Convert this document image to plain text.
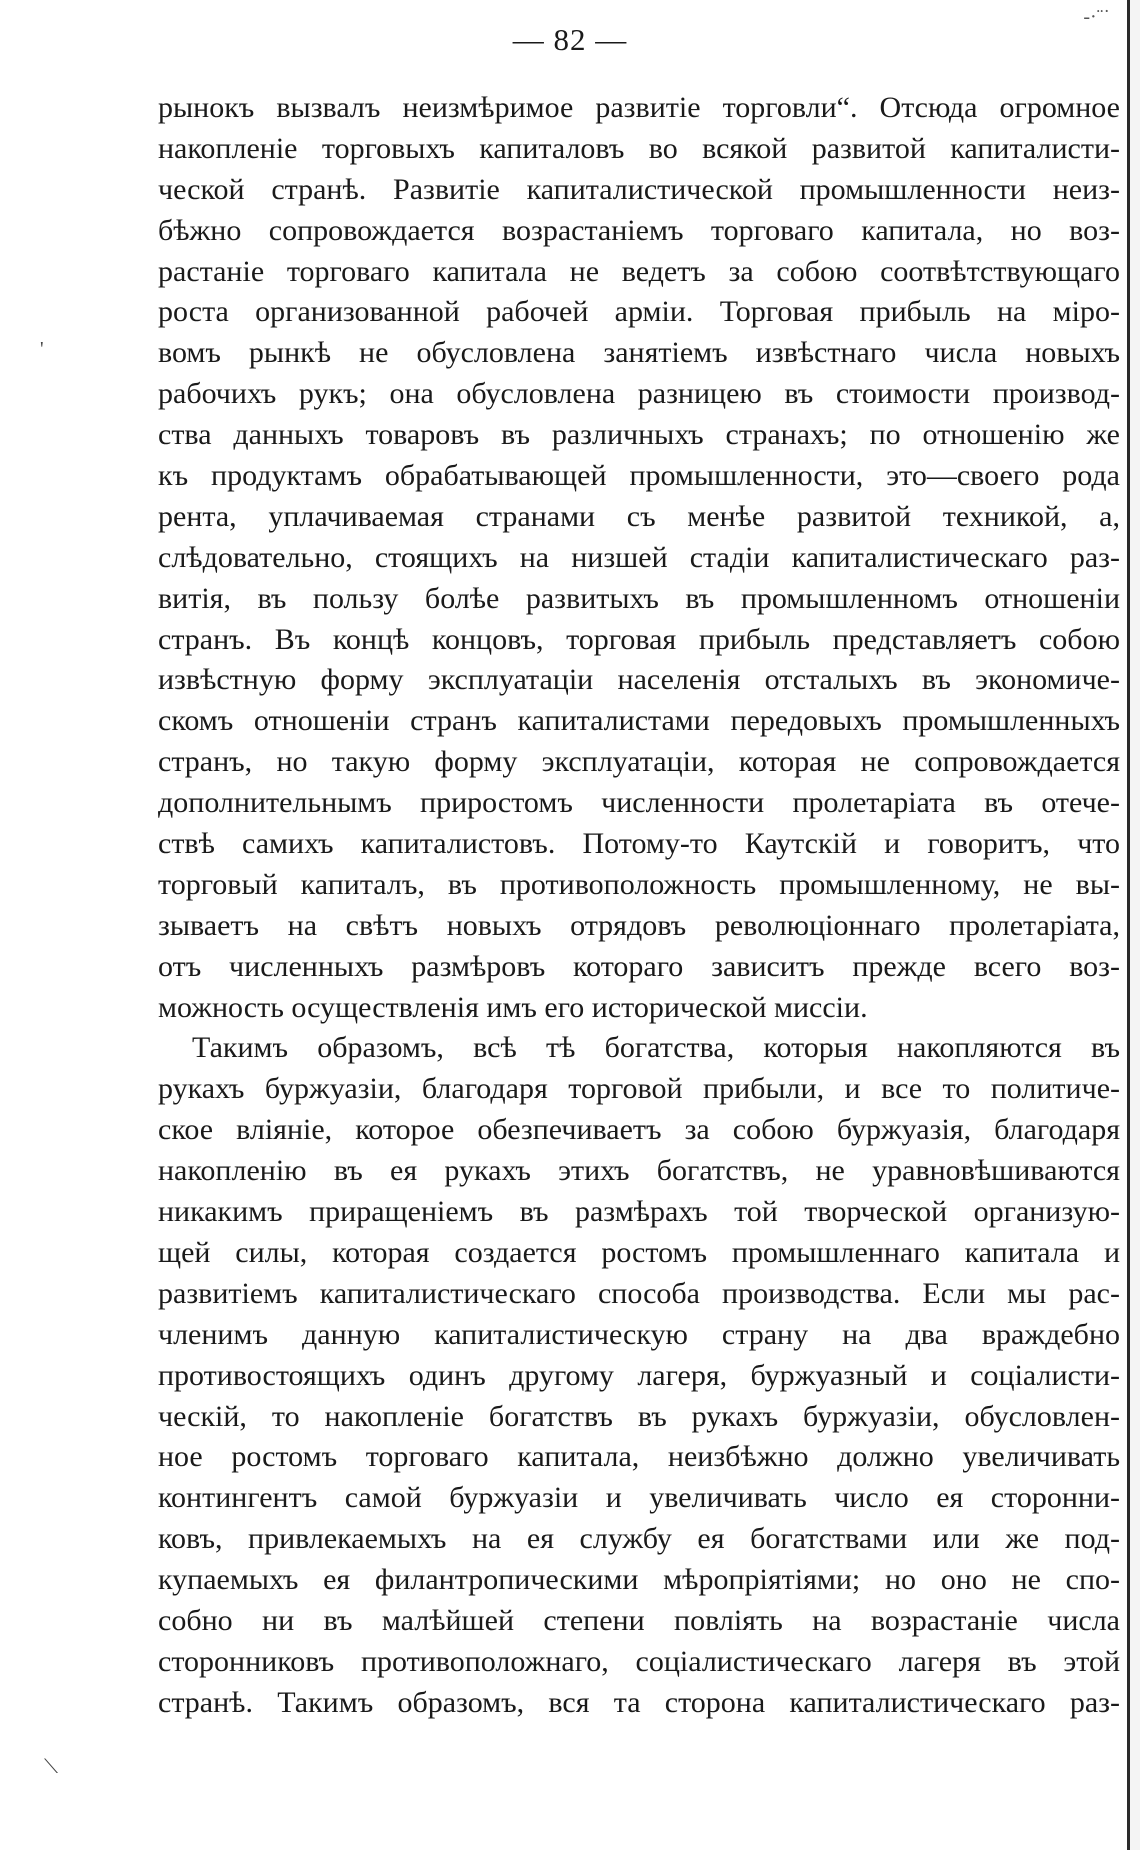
-·¨˙
'
⟍
— 82 —
рынокъ вызвалъ неизмѣримое развитіе торговли“. Отсюда огромное
накопленіе торговыхъ капиталовъ во всякой развитой капиталисти-
ческой странѣ. Развитіе капиталистической промышленности неиз-
бѣжно сопровождается возрастаніемъ торговаго капитала, но воз-
растаніе торговаго капитала не ведетъ за собою соотвѣтствующаго
роста организованной рабочей арміи. Торговая прибыль на міро-
вомъ рынкѣ не обусловлена занятіемъ извѣстнаго числа новыхъ
рабочихъ рукъ; она обусловлена разницею въ стоимости производ-
ства данныхъ товаровъ въ различныхъ странахъ; по отношенію же
къ продуктамъ обрабатывающей промышленности, это—своего рода
рента, уплачиваемая странами съ менѣе развитой техникой, а,
слѣдовательно, стоящихъ на низшей стадіи капиталистическаго раз-
витія, въ пользу болѣе развитыхъ въ промышленномъ отношеніи
странъ. Въ концѣ концовъ, торговая прибыль представляетъ собою
извѣстную форму эксплуатаціи населенія отсталыхъ въ экономиче-
скомъ отношеніи странъ капиталистами передовыхъ промышленныхъ
странъ, но такую форму эксплуатаціи, которая не сопровождается
дополнительнымъ приростомъ численности пролетаріата въ отече-
ствѣ самихъ капиталистовъ. Потому-то Каутскій и говоритъ, что
торговый капиталъ, въ противоположность промышленному, не вы-
зываетъ на свѣтъ новыхъ отрядовъ революціоннаго пролетаріата,
отъ численныхъ размѣровъ котораго зависитъ прежде всего воз-
можность осуществленія имъ его исторической миссіи.
Такимъ образомъ, всѣ тѣ богатства, которыя накопляются въ
рукахъ буржуазіи, благодаря торговой прибыли, и все то политиче-
ское вліяніе, которое обезпечиваетъ за собою буржуазія, благодаря
накопленію въ ея рукахъ этихъ богатствъ, не уравновѣшиваются
никакимъ приращеніемъ въ размѣрахъ той творческой организую-
щей силы, которая создается ростомъ промышленнаго капитала и
развитіемъ капиталистическаго способа производства. Если мы рас-
членимъ данную капиталистическую страну на два враждебно
противостоящихъ одинъ другому лагеря, буржуазный и соціалисти-
ческій, то накопленіе богатствъ въ рукахъ буржуазіи, обусловлен-
ное ростомъ торговаго капитала, неизбѣжно должно увеличивать
контингентъ самой буржуазіи и увеличивать число ея сторонни-
ковъ, привлекаемыхъ на ея службу ея богатствами или же под-
купаемыхъ ея филантропическими мѣропріятіями; но оно не спо-
собно ни въ малѣйшей степени повліять на возрастаніе числа
сторонниковъ противоположнаго, соціалистическаго лагеря въ этой
странѣ. Такимъ образомъ, вся та сторона капиталистическаго раз-
